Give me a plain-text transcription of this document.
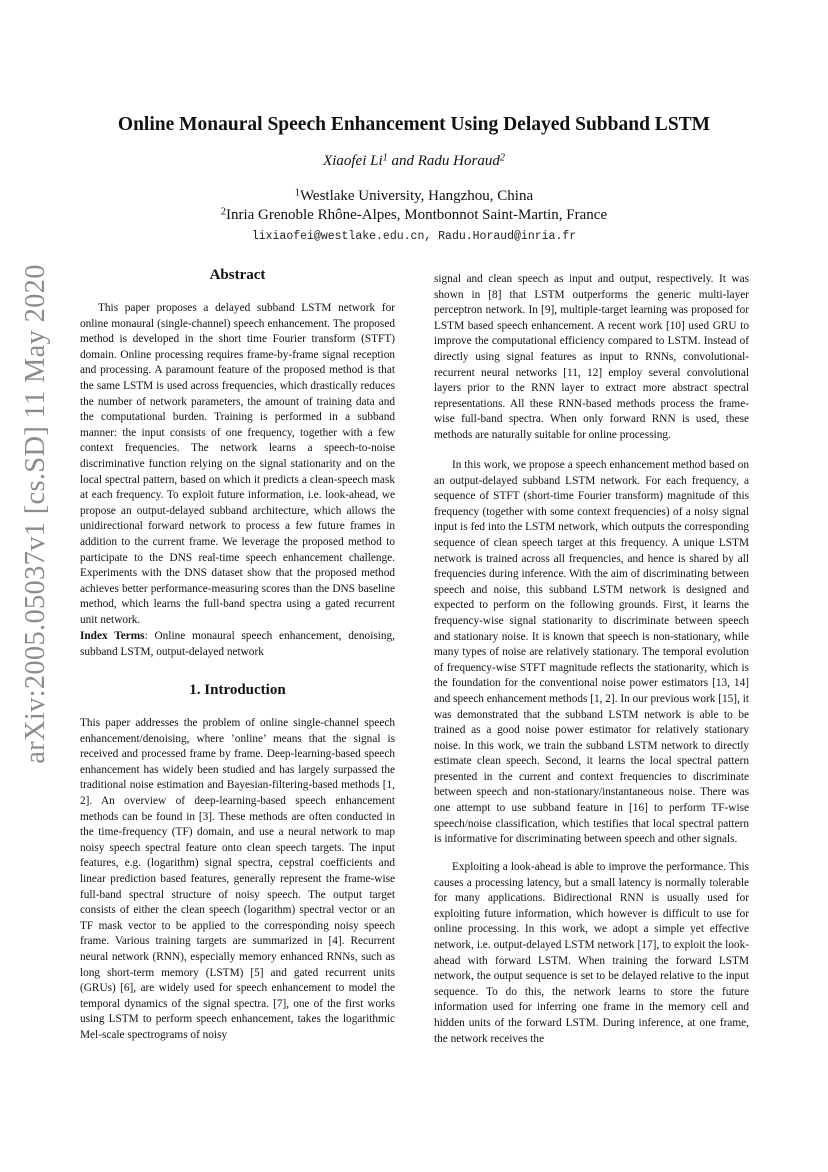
arXiv:2005.05037v1 [cs.SD] 11 May 2020
Online Monaural Speech Enhancement Using Delayed Subband LSTM
Xiaofei Li$^1$ and Radu Horaud$^2$
$^1$Westlake University, Hangzhou, China
$^2$Inria Grenoble Rhône-Alpes, Montbonnot Saint-Martin, France
lixiaofei@westlake.edu.cn, Radu.Horaud@inria.fr
Abstract
This paper proposes a delayed subband LSTM network for online monaural (single-channel) speech enhancement. The proposed method is developed in the short time Fourier transform (STFT) domain. Online processing requires frame-by-frame signal reception and processing. A paramount feature of the proposed method is that the same LSTM is used across frequencies, which drastically reduces the number of network parameters, the amount of training data and the computational burden. Training is performed in a subband manner: the input consists of one frequency, together with a few context frequencies. The network learns a speech-to-noise discriminative function relying on the signal stationarity and on the local spectral pattern, based on which it predicts a clean-speech mask at each frequency. To exploit future information, i.e. look-ahead, we propose an output-delayed subband architecture, which allows the unidirectional forward network to process a few future frames in addition to the current frame. We leverage the proposed method to participate to the DNS real-time speech enhancement challenge. Experiments with the DNS dataset show that the proposed method achieves better performance-measuring scores than the DNS baseline method, which learns the full-band spectra using a gated recurrent unit network.
Index Terms: Online monaural speech enhancement, denoising, subband LSTM, output-delayed network
1. Introduction
This paper addresses the problem of online single-channel speech enhancement/denoising, where ’online’ means that the signal is received and processed frame by frame. Deep-learning-based speech enhancement has widely been studied and has largely surpassed the traditional noise estimation and Bayesian-filtering-based methods [1, 2]. An overview of deep-learning-based speech enhancement methods can be found in [3]. These methods are often conducted in the time-frequency (TF) domain, and use a neural network to map noisy speech spectral feature onto clean speech targets. The input features, e.g. (logarithm) signal spectra, cepstral coefficients and linear prediction based features, generally represent the frame-wise full-band spectral structure of noisy speech. The output target consists of either the clean speech (logarithm) spectral vector or an TF mask vector to be applied to the corresponding noisy speech frame. Various training targets are summarized in [4]. Recurrent neural network (RNN), especially memory enhanced RNNs, such as long short-term memory (LSTM) [5] and gated recurrent units (GRUs) [6], are widely used for speech enhancement to model the temporal dynamics of the signal spectra. [7], one of the first works using LSTM to perform speech enhancement, takes the logarithmic Mel-scale spectrograms of noisy
signal and clean speech as input and output, respectively. It was shown in [8] that LSTM outperforms the generic multi-layer perceptron network. In [9], multiple-target learning was proposed for LSTM based speech enhancement. A recent work [10] used GRU to improve the computational efficiency compared to LSTM. Instead of directly using signal features as input to RNNs, convolutional-recurrent neural networks [11, 12] employ several convolutional layers prior to the RNN layer to extract more abstract spectral representations. All these RNN-based methods process the frame-wise full-band spectra. When only forward RNN is used, these methods are naturally suitable for online processing.
In this work, we propose a speech enhancement method based on an output-delayed subband LSTM network. For each frequency, a sequence of STFT (short-time Fourier transform) magnitude of this frequency (together with some context frequencies) of a noisy signal input is fed into the LSTM network, which outputs the corresponding sequence of clean speech target at this frequency. A unique LSTM network is trained across all frequencies, and hence is shared by all frequencies during inference. With the aim of discriminating between speech and noise, this subband LSTM network is designed and expected to perform on the following grounds. First, it learns the frequency-wise signal stationarity to discriminate between speech and stationary noise. It is known that speech is non-stationary, while many types of noise are relatively stationary. The temporal evolution of frequency-wise STFT magnitude reflects the stationarity, which is the foundation for the conventional noise power estimators [13, 14] and speech enhancement methods [1, 2]. In our previous work [15], it was demonstrated that the subband LSTM network is able to be trained as a good noise power estimator for relatively stationary noise. In this work, we train the subband LSTM network to directly estimate clean speech. Second, it learns the local spectral pattern presented in the current and context frequencies to discriminate between speech and non-stationary/instantaneous noise. There was one attempt to use subband feature in [16] to perform TF-wise speech/noise classification, which testifies that local spectral pattern is informative for discriminating between speech and other signals.
Exploiting a look-ahead is able to improve the performance. This causes a processing latency, but a small latency is normally tolerable for many applications. Bidirectional RNN is usually used for exploiting future information, which however is difficult to use for online processing. In this work, we adopt a simple yet effective network, i.e. output-delayed LSTM network [17], to exploit the look-ahead with forward LSTM. When training the forward LSTM network, the output sequence is set to be delayed relative to the input sequence. To do this, the network learns to store the future information used for inferring one frame in the memory cell and hidden units of the forward LSTM. During inference, at one frame, the network receives the
